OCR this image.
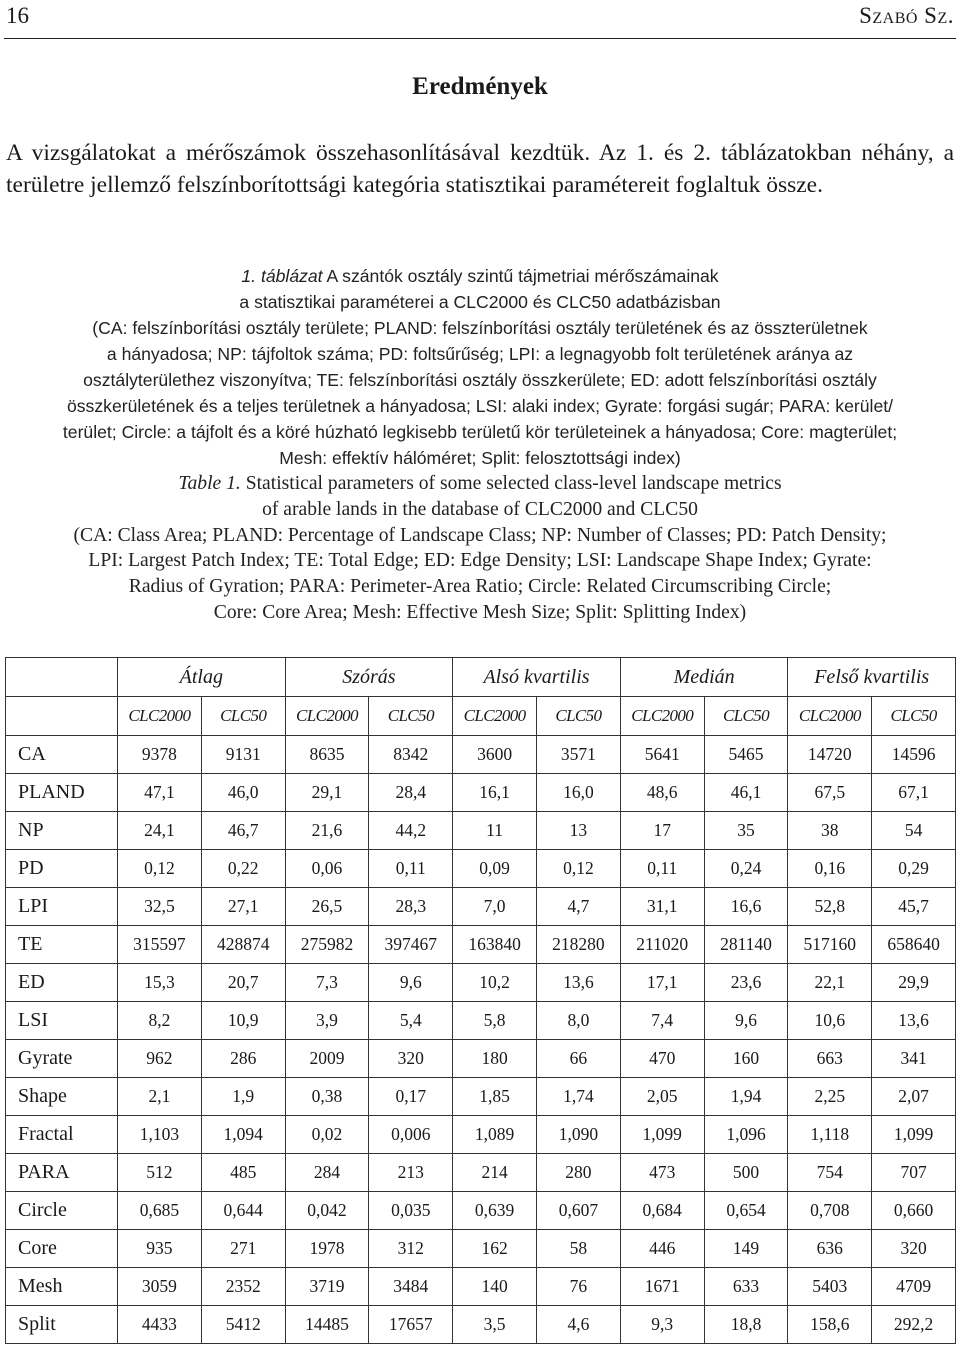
16	Szabó Sz.
Eredmények

A vizsgálatokat a mérőszámok összehasonlításával kezdtük. Az 1. és 2. táblázatokban néhány, a területre jellemző felszínborítottsági kategória statisztikai paramétereit foglaltuk össze.

1. táblázat A szántók osztály szintű tájmetriai mérőszámainak
a statisztikai paraméterei a CLC2000 és CLC50 adatbázisban
(CA: felszínborítási osztály területe; PLAND: felszínborítási osztály területének és az összterületnek
a hányadosa; NP: tájfoltok száma; PD: foltsűrűség; LPI: a legnagyobb folt területének aránya az
osztályterülethez viszonyítva; TE: felszínborítási osztály összkerülete; ED: adott felszínborítási osztály
összkerületének és a teljes területnek a hányadosa; LSI: alaki index; Gyrate: forgási sugár; PARA: kerület/
terület; Circle: a tájfolt és a köré húzható legkisebb területű kör területeinek a hányadosa; Core: magterület;
Mesh: effektív hálóméret; Split: felosztottsági index)
Table 1. Statistical parameters of some selected class-level landscape metrics
of arable lands in the database of CLC2000 and CLC50
(CA: Class Area; PLAND: Percentage of Landscape Class; NP: Number of Classes; PD: Patch Density;
LPI: Largest Patch Index; TE: Total Edge; ED: Edge Density; LSI: Landscape Shape Index; Gyrate:
Radius of Gyration; PARA: Perimeter-Area Ratio; Circle: Related Circumscribing Circle;
Core: Core Area; Mesh: Effective Mesh Size; Split: Splitting Index)
	Átlag		Szórás		Alsó kvartilis		Medián		Felső kvartilis	
	CLC2000	CLC50	CLC2000	CLC50	CLC2000	CLC50	CLC2000	CLC50	CLC2000	CLC50
CA	9378	9131	8635	8342	3600	3571	5641	5465	14720	14596
PLAND	47,1	46,0	29,1	28,4	16,1	16,0	48,6	46,1	67,5	67,1
NP	24,1	46,7	21,6	44,2	11	13	17	35	38	54
PD	0,12	0,22	0,06	0,11	0,09	0,12	0,11	0,24	0,16	0,29
LPI	32,5	27,1	26,5	28,3	7,0	4,7	31,1	16,6	52,8	45,7
TE	315597	428874	275982	397467	163840	218280	211020	281140	517160	658640
ED	15,3	20,7	7,3	9,6	10,2	13,6	17,1	23,6	22,1	29,9
LSI	8,2	10,9	3,9	5,4	5,8	8,0	7,4	9,6	10,6	13,6
Gyrate	962	286	2009	320	180	66	470	160	663	341
Shape	2,1	1,9	0,38	0,17	1,85	1,74	2,05	1,94	2,25	2,07
Fractal	1,103	1,094	0,02	0,006	1,089	1,090	1,099	1,096	1,118	1,099
PARA	512	485	284	213	214	280	473	500	754	707
Circle	0,685	0,644	0,042	0,035	0,639	0,607	0,684	0,654	0,708	0,660
Core	935	271	1978	312	162	58	446	149	636	320
Mesh	3059	2352	3719	3484	140	76	1671	633	5403	4709
Split	4433	5412	14485	17657	3,5	4,6	9,3	18,8	158,6	292,2
